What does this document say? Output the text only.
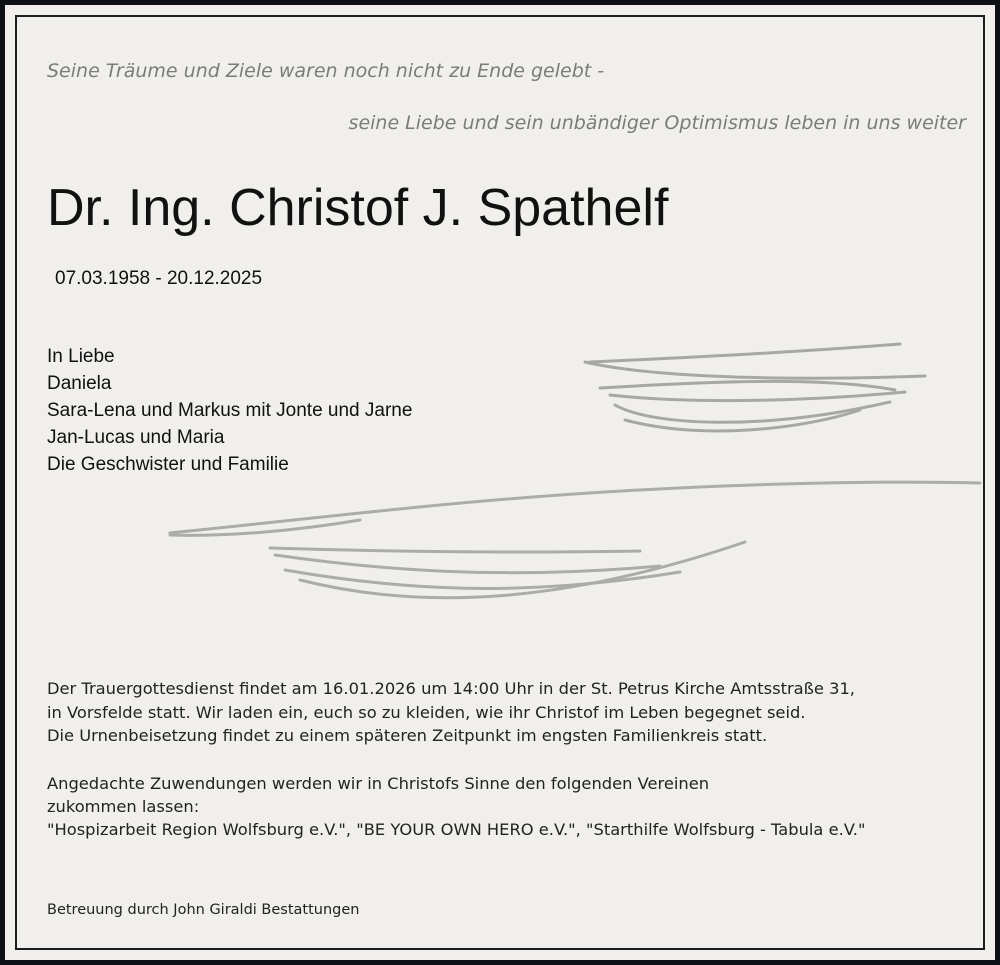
Seine Träume und Ziele waren noch nicht zu Ende gelebt -
seine Liebe und sein unbändiger Optimismus leben in uns weiter
Dr. Ing. Christof J. Spathelf
07.03.1958 - 20.12.2025
In Liebe
Daniela
Sara-Lena und Markus mit Jonte und Jarne
Jan-Lucas und Maria
Die Geschwister und Familie
Der Trauergottesdienst findet am 16.01.2026 um 14:00 Uhr in der St. Petrus Kirche Amtsstraße 31,
in Vorsfelde statt. Wir laden ein, euch so zu kleiden, wie ihr Christof im Leben begegnet seid.
Die Urnenbeisetzung findet zu einem späteren Zeitpunkt im engsten Familienkreis statt.
Angedachte Zuwendungen werden wir in Christofs Sinne den folgenden Vereinen
zukommen lassen:
"Hospizarbeit Region Wolfsburg e.V.", "BE YOUR OWN HERO e.V.", "Starthilfe Wolfsburg - Tabula e.V."
Betreuung durch John Giraldi Bestattungen
